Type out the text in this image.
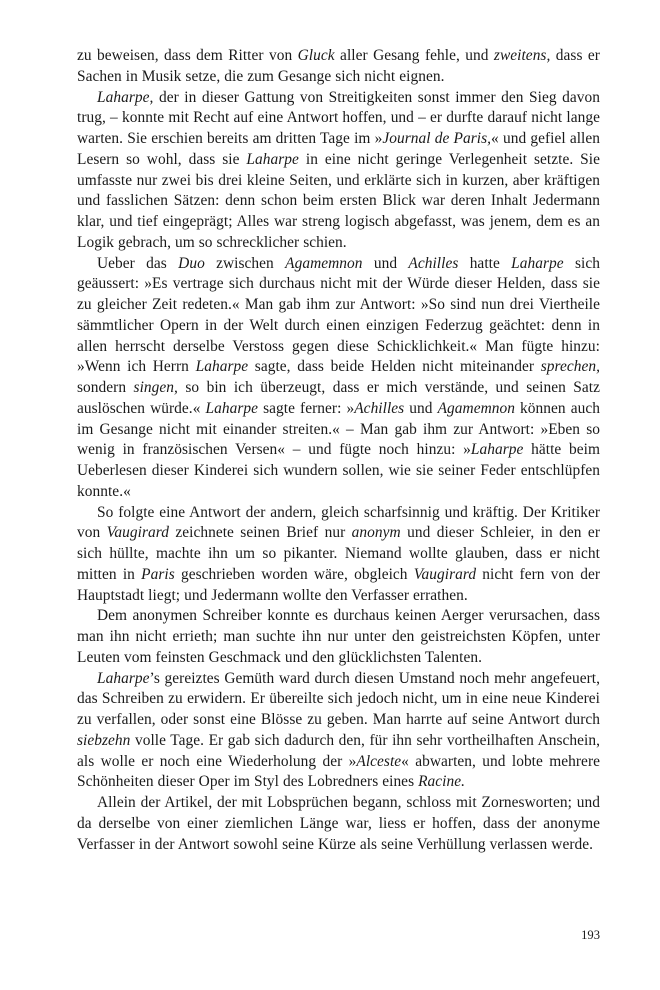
zu beweisen, dass dem Ritter von Gluck aller Gesang fehle, und zweitens, dass er Sachen in Musik setze, die zum Gesange sich nicht eignen.

Laharpe, der in dieser Gattung von Streitigkeiten sonst immer den Sieg davon trug, – konnte mit Recht auf eine Antwort hoffen, und – er durfte darauf nicht lange warten. Sie erschien bereits am dritten Tage im »Journal de Paris,« und gefiel allen Lesern so wohl, dass sie Laharpe in eine nicht geringe Verlegenheit setzte. Sie umfasste nur zwei bis drei kleine Seiten, und erklärte sich in kurzen, aber kräftigen und fasslichen Sätzen: denn schon beim ersten Blick war deren Inhalt Jedermann klar, und tief eingeprägt; Alles war streng logisch abgefasst, was jenem, dem es an Logik gebrach, um so schrecklicher schien.

Ueber das Duo zwischen Agamemnon und Achilles hatte Laharpe sich geäussert: »Es vertrage sich durchaus nicht mit der Würde dieser Helden, dass sie zu gleicher Zeit redeten.« Man gab ihm zur Antwort: »So sind nun drei Viertheile sämmtlicher Opern in der Welt durch einen einzigen Federzug geächtet: denn in allen herrscht derselbe Verstoss gegen diese Schicklichkeit.« Man fügte hinzu: »Wenn ich Herrn Laharpe sagte, dass beide Helden nicht miteinander sprechen, sondern singen, so bin ich überzeugt, dass er mich verstände, und seinen Satz auslöschen würde.« Laharpe sagte ferner: »Achilles und Agamemnon können auch im Gesange nicht mit einander streiten.« – Man gab ihm zur Antwort: »Eben so wenig in französischen Versen« – und fügte noch hinzu: »Laharpe hätte beim Ueberlesen dieser Kinderei sich wundern sollen, wie sie seiner Feder entschlüpfen konnte.«

So folgte eine Antwort der andern, gleich scharfsinnig und kräftig. Der Kritiker von Vaugirard zeichnete seinen Brief nur anonym und dieser Schleier, in den er sich hüllte, machte ihn um so pikanter. Niemand wollte glauben, dass er nicht mitten in Paris geschrieben worden wäre, obgleich Vaugirard nicht fern von der Hauptstadt liegt; und Jedermann wollte den Verfasser errathen.

Dem anonymen Schreiber konnte es durchaus keinen Aerger verursachen, dass man ihn nicht errieth; man suchte ihn nur unter den geistreichsten Köpfen, unter Leuten vom feinsten Geschmack und den glücklichsten Talenten.

Laharpe’s gereiztes Gemüth ward durch diesen Umstand noch mehr angefeuert, das Schreiben zu erwidern. Er übereilte sich jedoch nicht, um in eine neue Kinderei zu verfallen, oder sonst eine Blösse zu geben. Man harrte auf seine Antwort durch siebzehn volle Tage. Er gab sich dadurch den, für ihn sehr vortheilhaften Anschein, als wolle er noch eine Wiederholung der »Alceste« abwarten, und lobte mehrere Schönheiten dieser Oper im Styl des Lobredners eines Racine.

Allein der Artikel, der mit Lobsprüchen begann, schloss mit Zornesworten; und da derselbe von einer ziemlichen Länge war, liess er hoffen, dass der anonyme Verfasser in der Antwort sowohl seine Kürze als seine Verhüllung verlassen werde.

193
